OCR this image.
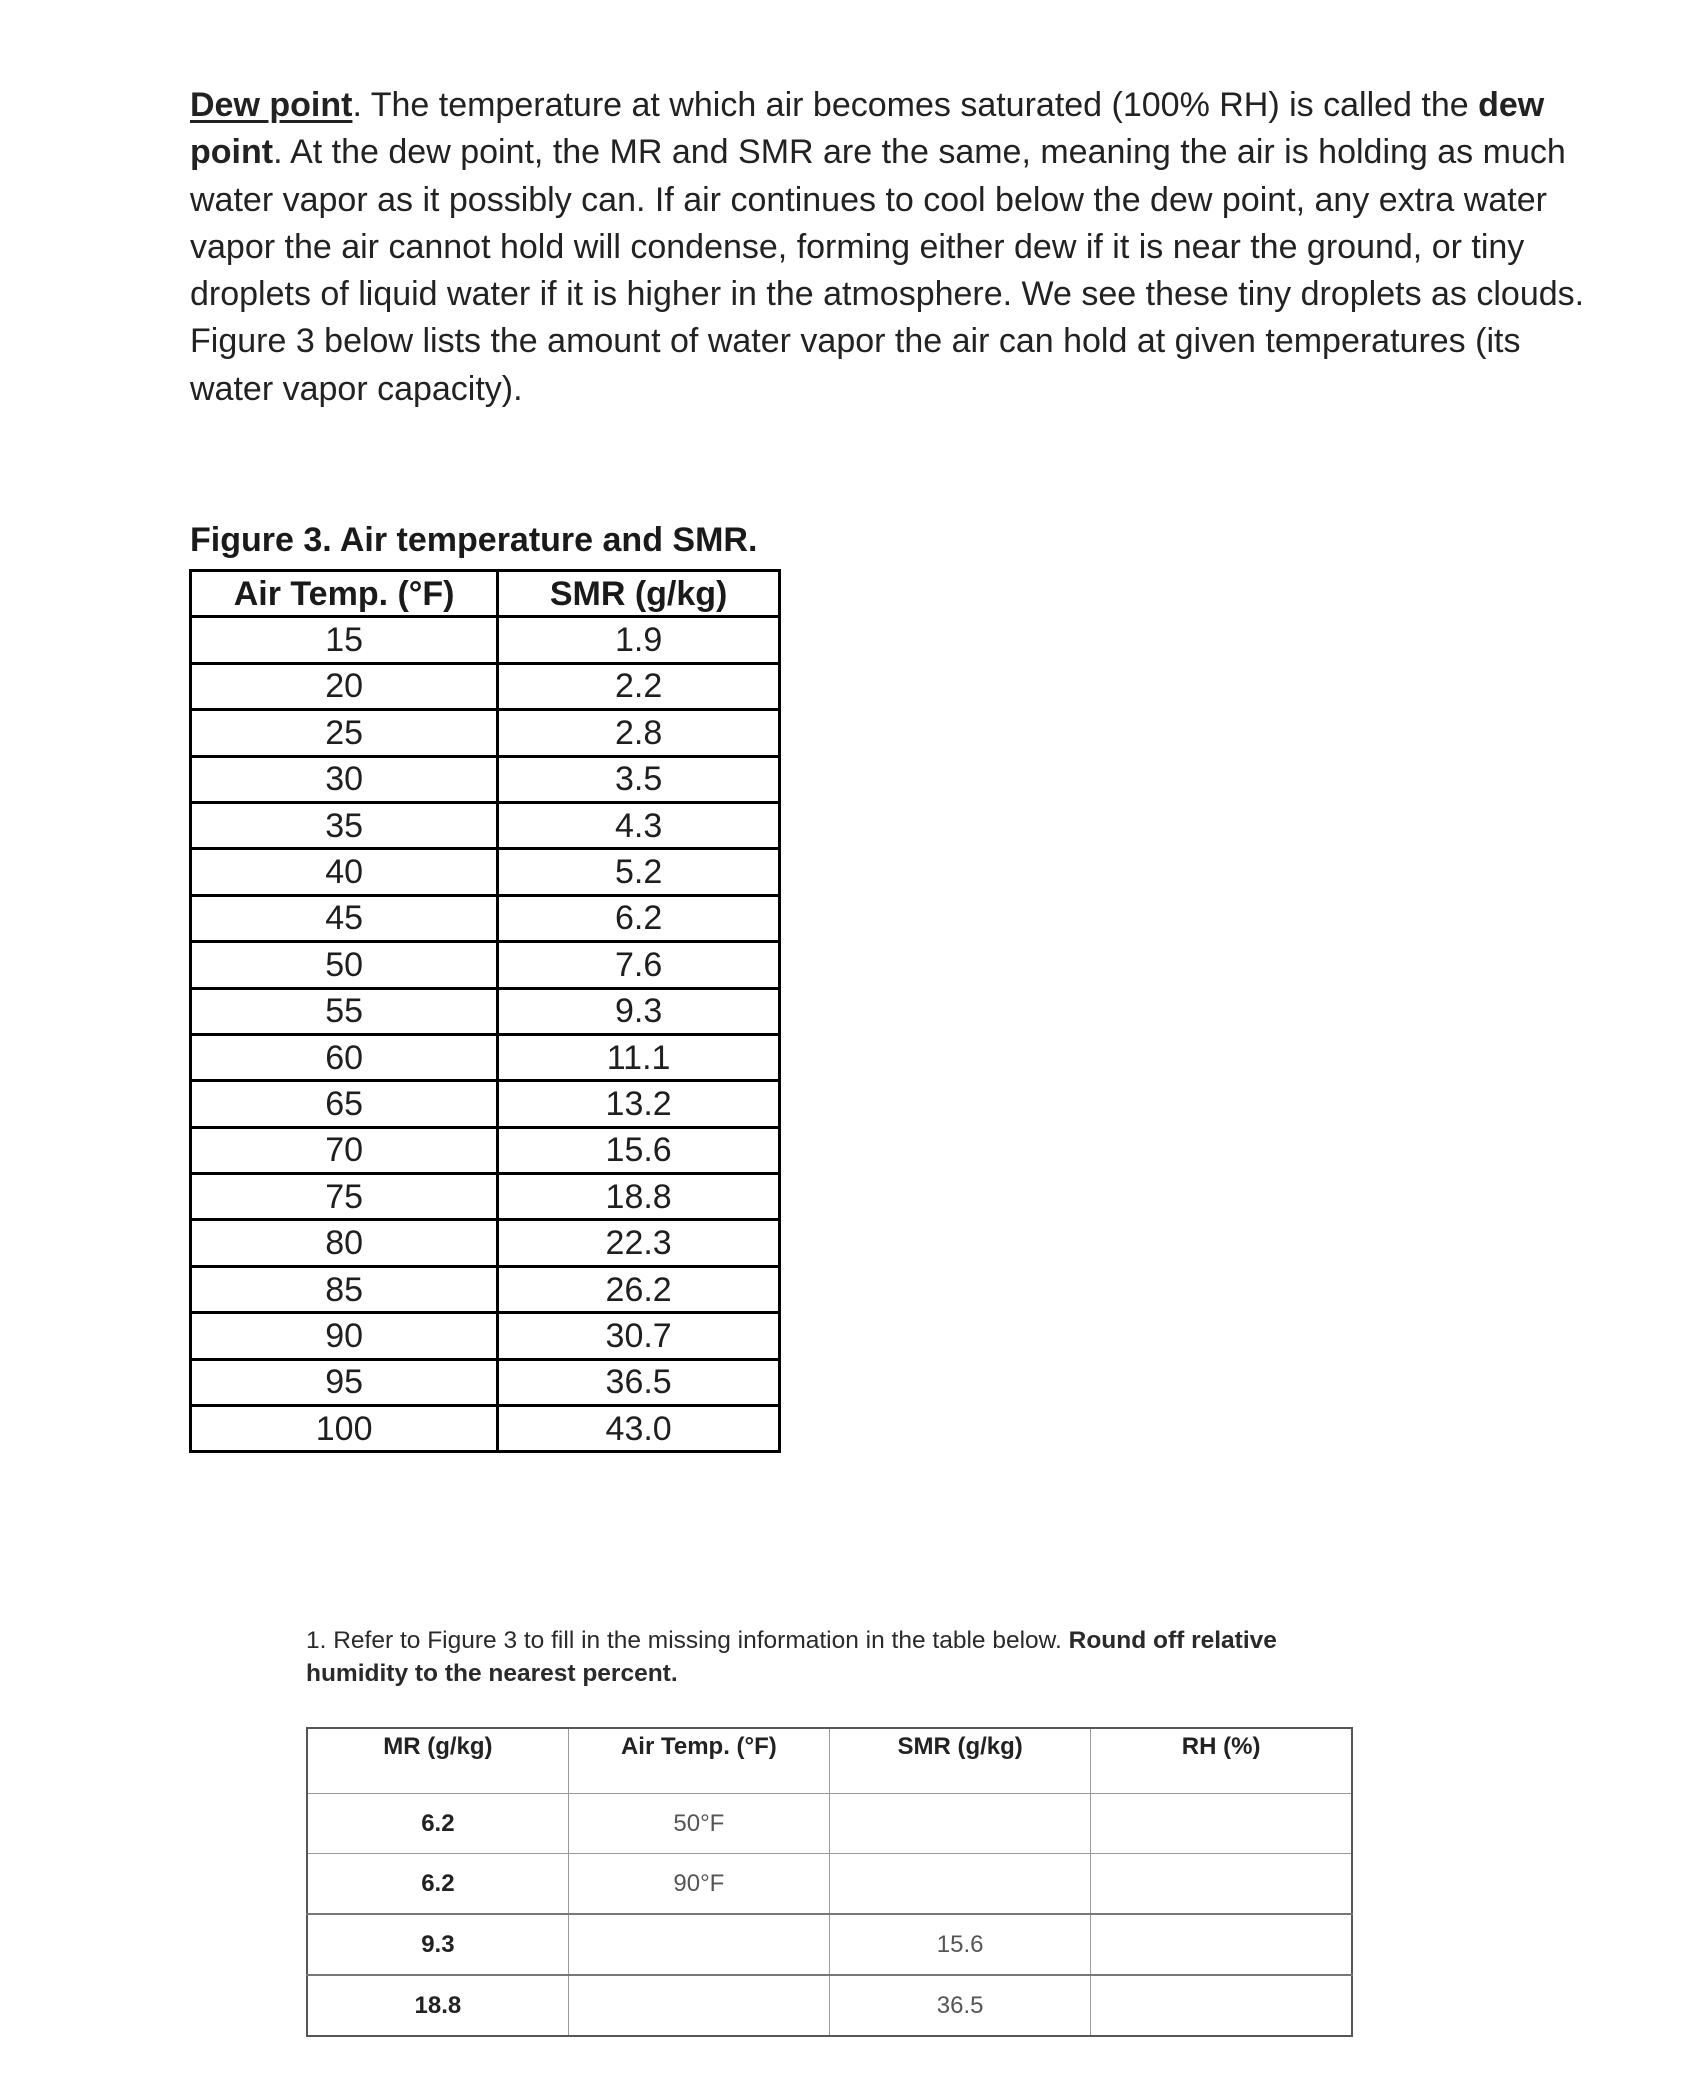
Dew point. The temperature at which air becomes saturated (100% RH) is called the dew point. At the dew point, the MR and SMR are the same, meaning the air is holding as much water vapor as it possibly can. If air continues to cool below the dew point, any extra water vapor the air cannot hold will condense, forming either dew if it is near the ground, or tiny droplets of liquid water if it is higher in the atmosphere. We see these tiny droplets as clouds. Figure 3 below lists the amount of water vapor the air can hold at given temperatures (its water vapor capacity).
Figure 3. Air temperature and SMR.
Air Temp. (°F)	SMR (g/kg)
15	1.9
20	2.2
25	2.8
30	3.5
35	4.3
40	5.2
45	6.2
50	7.6
55	9.3
60	11.1
65	13.2
70	15.6
75	18.8
80	22.3
85	26.2
90	30.7
95	36.5
100	43.0
1. Refer to Figure 3 to fill in the missing information in the table below. Round off relative humidity to the nearest percent.
MR (g/kg)	Air Temp. (°F)	SMR (g/kg)	RH (%)
6.2	50°F		
6.2	90°F		
9.3		15.6	
18.8		36.5	
